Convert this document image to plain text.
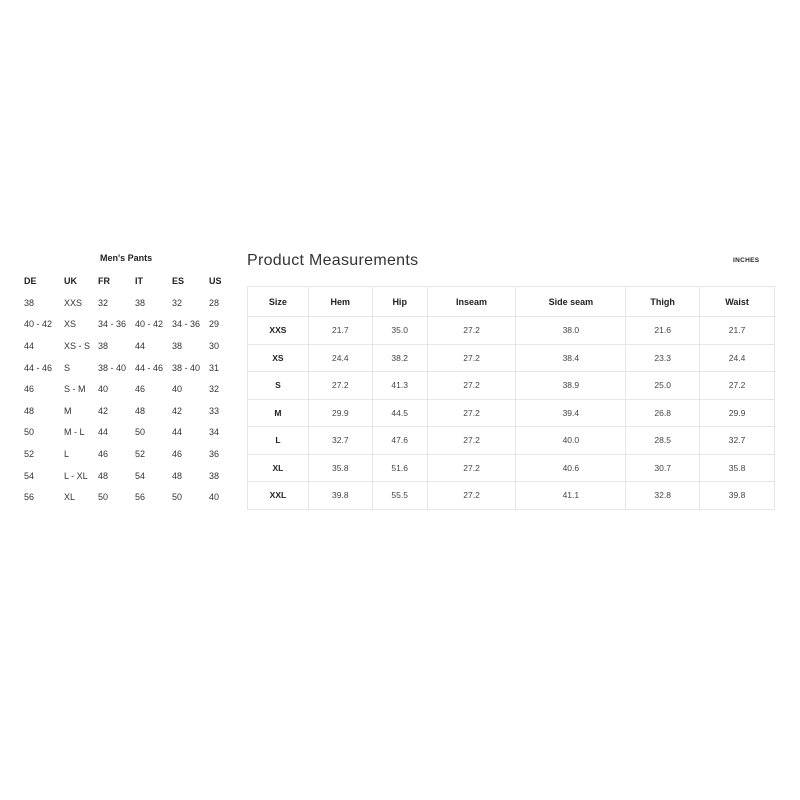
Men's Pants
DE	UK	FR	IT	ES	US
38	XXS	32	38	32	28
40 - 42	XS	34 - 36	40 - 42	34 - 36	29
44	XS - S	38	44	38	30
44 - 46	S	38 - 40	44 - 46	38 - 40	31
46	S - M	40	46	40	32
48	M	42	48	42	33
50	M - L	44	50	44	34
52	L	46	52	46	36
54	L - XL	48	54	48	38
56	XL	50	56	50	40
Product Measurements	INCHES
Size	Hem	Hip	Inseam	Side seam	Thigh	Waist
XXS	21.7	35.0	27.2	38.0	21.6	21.7
XS	24.4	38.2	27.2	38.4	23.3	24.4
S	27.2	41.3	27.2	38.9	25.0	27.2
M	29.9	44.5	27.2	39.4	26.8	29.9
L	32.7	47.6	27.2	40.0	28.5	32.7
XL	35.8	51.6	27.2	40.6	30.7	35.8
XXL	39.8	55.5	27.2	41.1	32.8	39.8
